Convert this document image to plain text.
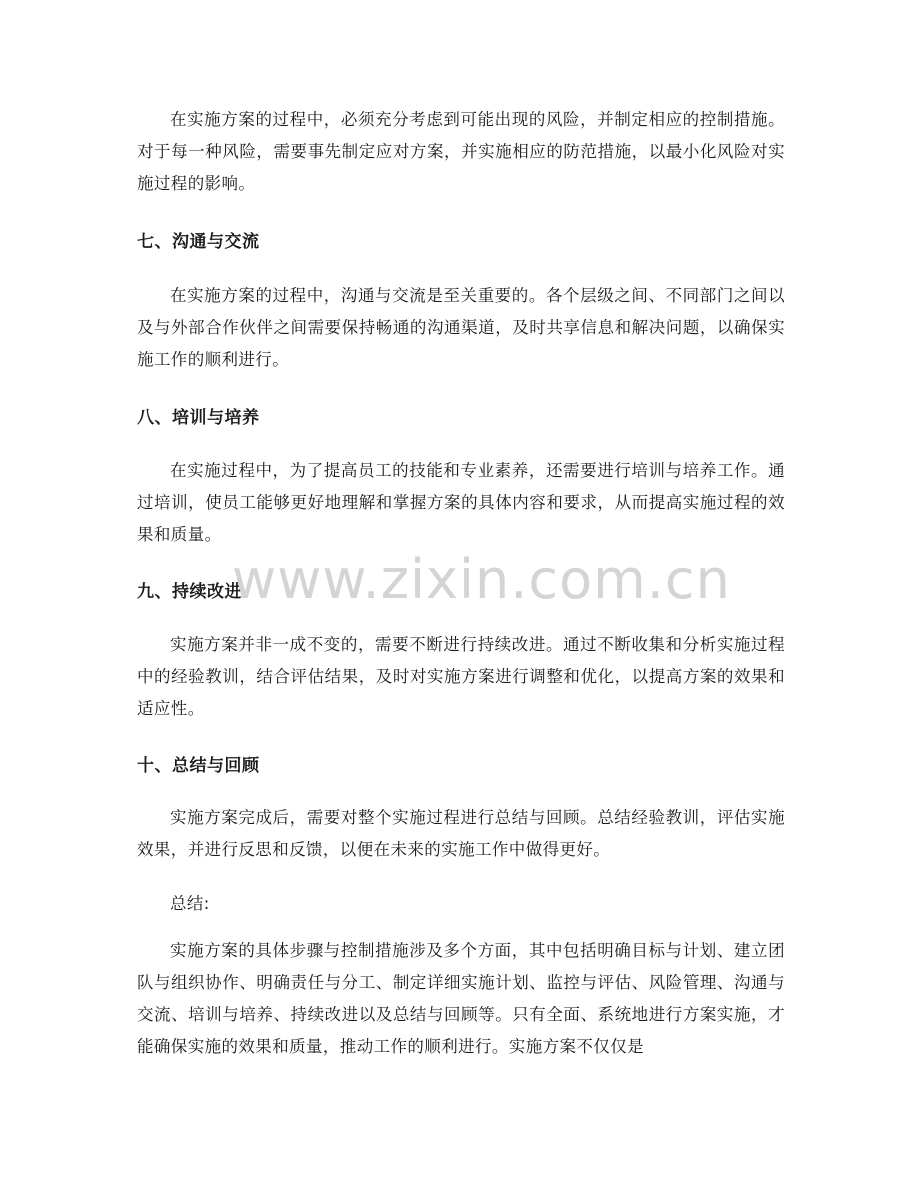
在实施方案的过程中，必须充分考虑到可能出现的风险，并制定相应的控制措施。对于每一种风险，需要事先制定应对方案，并实施相应的防范措施，以最小化风险对实施过程的影响。

七、沟通与交流

在实施方案的过程中，沟通与交流是至关重要的。各个层级之间、不同部门之间以及与外部合作伙伴之间需要保持畅通的沟通渠道，及时共享信息和解决问题，以确保实施工作的顺利进行。

八、培训与培养

在实施过程中，为了提高员工的技能和专业素养，还需要进行培训与培养工作。通过培训，使员工能够更好地理解和掌握方案的具体内容和要求，从而提高实施过程的效果和质量。

九、持续改进

实施方案并非一成不变的，需要不断进行持续改进。通过不断收集和分析实施过程中的经验教训，结合评估结果，及时对实施方案进行调整和优化，以提高方案的效果和适应性。

十、总结与回顾

实施方案完成后，需要对整个实施过程进行总结与回顾。总结经验教训，评估实施效果，并进行反思和反馈，以便在未来的实施工作中做得更好。

总结:

实施方案的具体步骤与控制措施涉及多个方面，其中包括明确目标与计划、建立团队与组织协作、明确责任与分工、制定详细实施计划、监控与评估、风险管理、沟通与交流、培训与培养、持续改进以及总结与回顾等。只有全面、系统地进行方案实施，才能确保实施的效果和质量，推动工作的顺利进行。实施方案不仅仅是

www.zixin.com.cn
